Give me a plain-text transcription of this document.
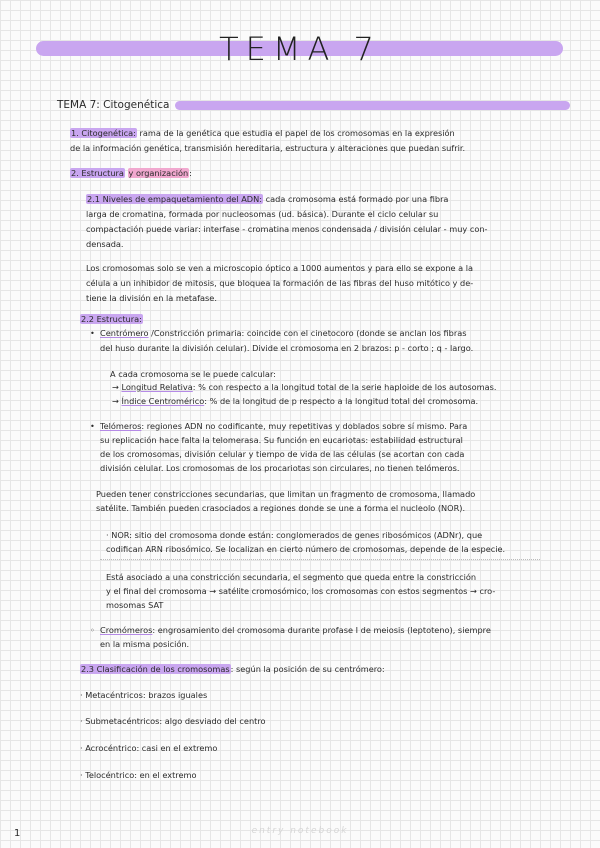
TEMA 7
TEMA 7: Citogenética
1. Citogenética: rama de la genética que estudia el papel de los cromosomas en la expresión
de la información genética, transmisión hereditaria, estructura y alteraciones que puedan sufrir.
2. Estructura y organización:
2.1 Niveles de empaquetamiento del ADN: cada cromosoma está formado por una fibra
larga de cromatina, formada por nucleosomas (ud. básica). Durante el ciclo celular su
compactación puede variar: interfase - cromatina menos condensada / división celular - muy con-
densada.
Los cromosomas solo se ven a microscopio óptico a 1000 aumentos y para ello se expone a la
célula a un inhibidor de mitosis, que bloquea la formación de las fibras del huso mitótico y de-
tiene la división en la metafase.
2.2 Estructura:
• Centrómero /Constricción primaria: coincide con el cinetocoro (donde se anclan los fibras
del huso durante la división celular). Divide el cromosoma en 2 brazos: p - corto ; q - largo.
A cada cromosoma se le puede calcular:
→ Longitud Relativa: % con respecto a la longitud total de la serie haploide de los autosomas.
→ Índice Centromérico: % de la longitud de p respecto a la longitud total del cromosoma.
• Telómeros: regiones ADN no codificante, muy repetitivas y doblados sobre sí mismo. Para
su replicación hace falta la telomerasa. Su función en eucariotas: estabilidad estructural
de los cromosomas, división celular y tiempo de vida de las células (se acortan con cada
división celular. Los cromosomas de los procariotas son circulares, no tienen telómeros.
Pueden tener constricciones secundarias, que limitan un fragmento de cromosoma, llamado
satélite. También pueden crasociados a regiones donde se une a forma el nucleolo (NOR).
· NOR: sitio del cromosoma donde están: conglomerados de genes ribosómicos (ADNr), que
codifican ARN ribosómico. Se localizan en cierto número de cromosomas, depende de la especie.
Está asociado a una constricción secundaria, el segmento que queda entre la constricción
y el final del cromosoma → satélite cromosómico, los cromosomas con estos segmentos → cro-
mosomas SAT
◦ Cromómeros: engrosamiento del cromosoma durante profase I de meiosis (leptoteno), siempre
en la misma posición.
2.3 Clasificación de los cromosomas: según la posición de su centrómero:
· Metacéntricos: brazos iguales
· Submetacéntricos: algo desviado del centro
· Acrocéntrico: casi en el extremo
· Telocéntrico: en el extremo
1	entry notebook
